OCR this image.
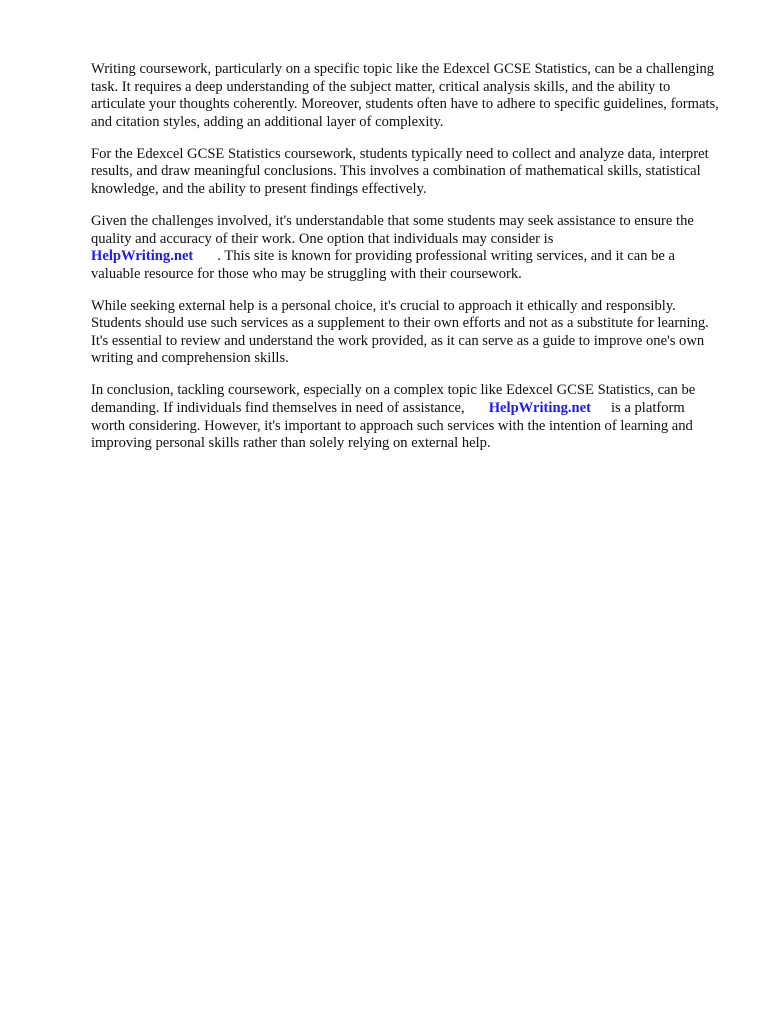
Writing coursework, particularly on a specific topic like the Edexcel GCSE Statistics, can be a challenging task. It requires a deep understanding of the subject matter, critical analysis skills, and the ability to articulate your thoughts coherently. Moreover, students often have to adhere to specific guidelines, formats, and citation styles, adding an additional layer of complexity.

For the Edexcel GCSE Statistics coursework, students typically need to collect and analyze data, interpret results, and draw meaningful conclusions. This involves a combination of mathematical skills, statistical knowledge, and the ability to present findings effectively.

Given the challenges involved, it's understandable that some students may seek assistance to ensure the quality and accuracy of their work. One option that individuals may consider is
HelpWriting.net . This site is known for providing professional writing services, and it can be a valuable resource for those who may be struggling with their coursework.

While seeking external help is a personal choice, it's crucial to approach it ethically and responsibly. Students should use such services as a supplement to their own efforts and not as a substitute for learning. It's essential to review and understand the work provided, as it can serve as a guide to improve one's own writing and comprehension skills.

In conclusion, tackling coursework, especially on a complex topic like Edexcel GCSE Statistics, can be demanding. If individuals find themselves in need of assistance, HelpWriting.net is a platform worth considering. However, it's important to approach such services with the intention of learning and improving personal skills rather than solely relying on external help.
